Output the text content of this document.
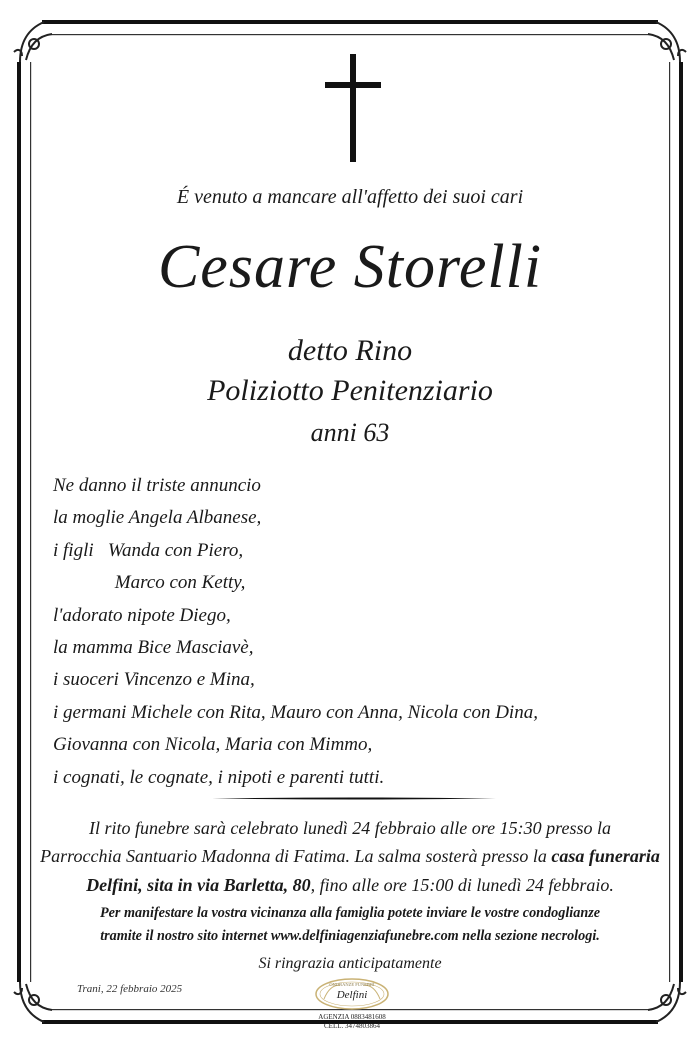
É venuto a mancare all'affetto dei suoi cari
Cesare Storelli
detto Rino
Poliziotto Penitenziario
anni 63
Ne danno il triste annuncio
la moglie Angela Albanese,
i figli   Wanda con Piero,
Marco con Ketty,
l'adorato nipote Diego,
la mamma Bice Masciavè,
i suoceri Vincenzo e Mina,
i germani Michele con Rita, Mauro con Anna, Nicola con Dina,
Giovanna con Nicola, Maria con Mimmo,
i cognati, le cognate, i nipoti e parenti tutti.
Il rito funebre sarà celebrato lunedì 24 febbraio alle ore 15:30 presso la
Parrocchia Santuario Madonna di Fatima. La salma sosterà presso la casa funeraria
Delfini, sita in via Barletta, 80, fino alle ore 15:00 di lunedì 24 febbraio.
Per manifestare la vostra vicinanza alla famiglia potete inviare le vostre condoglianze
tramite il nostro sito internet www.delfiniagenziafunebre.com nella sezione necrologi.
Si ringrazia anticipatamente
Trani, 22 febbraio 2025	ONORANZE FUNEBRI
Delfini
AGENZIA 0883481608
CELL. 3474803864
